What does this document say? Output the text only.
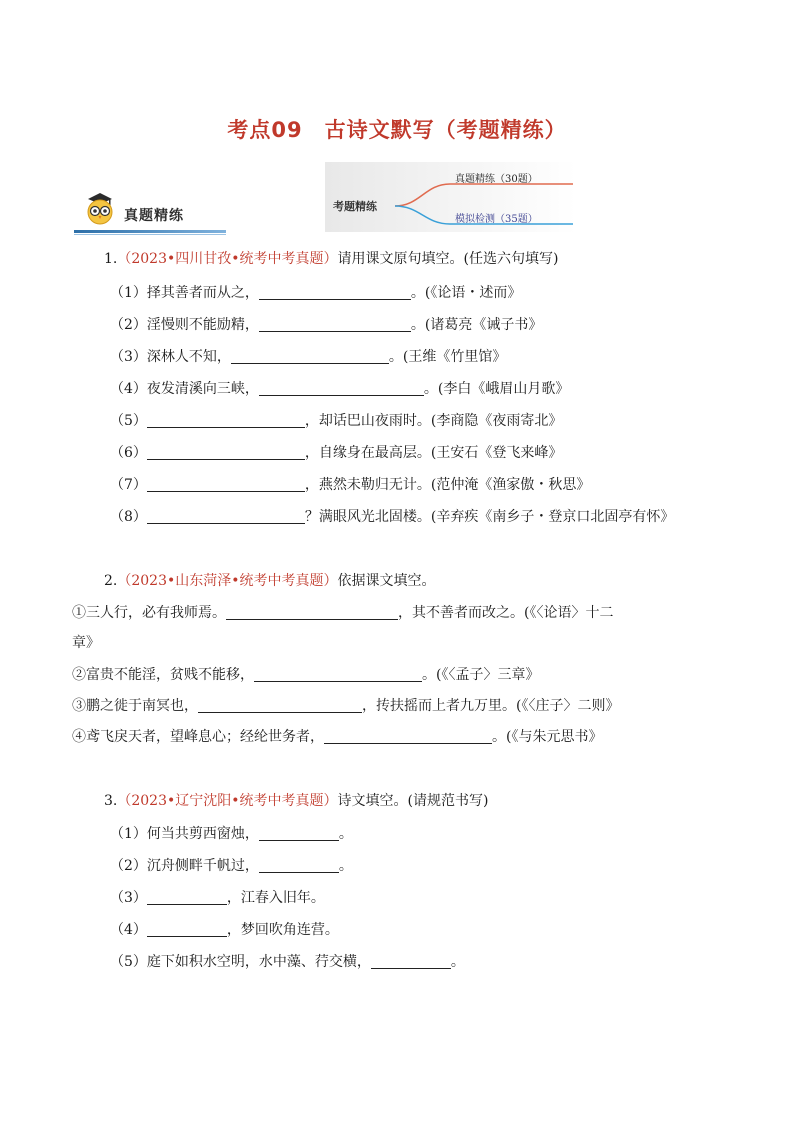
考点09 古诗文默写（考题精练）
真题精练
考题精练
真题精练（30题）
模拟检测（35题）
1.（2023•四川甘孜•统考中考真题）请用课文原句填空。(任选六句填写)
（1）择其善者而从之，	。(《论语・述而》
（2）淫慢则不能励精，	。(诸葛亮《诫子书》
（3）深林人不知，	。(王维《竹里馆》
（4）夜发清溪向三峡，	。(李白《峨眉山月歌》
（5）	，却话巴山夜雨时。(李商隐《夜雨寄北》
（6）	，自缘身在最高层。(王安石《登飞来峰》
（7）	，燕然未勒归无计。(范仲淹《渔家傲・秋思》
（8）	？满眼风光北固楼。(辛弃疾《南乡子・登京口北固亭有怀》
2.（2023•山东菏泽•统考中考真题）依据课文填空。
①三人行，必有我师焉。	，其不善者而改之。(《〈论语〉十二
章》
②富贵不能淫，贫贱不能移，	。(《〈孟子〉三章》
③鹏之徙于南冥也，	，抟扶摇而上者九万里。(《〈庄子〉二则》
④鸢飞戾天者，望峰息心；经纶世务者，	。(《与朱元思书》
3.（2023•辽宁沈阳•统考中考真题）诗文填空。(请规范书写)
（1）何当共剪西窗烛，	。
（2）沉舟侧畔千帆过，	。
（3）	，江春入旧年。
（4）	，梦回吹角连营。
（5）庭下如积水空明，水中藻、荇交横，	。
